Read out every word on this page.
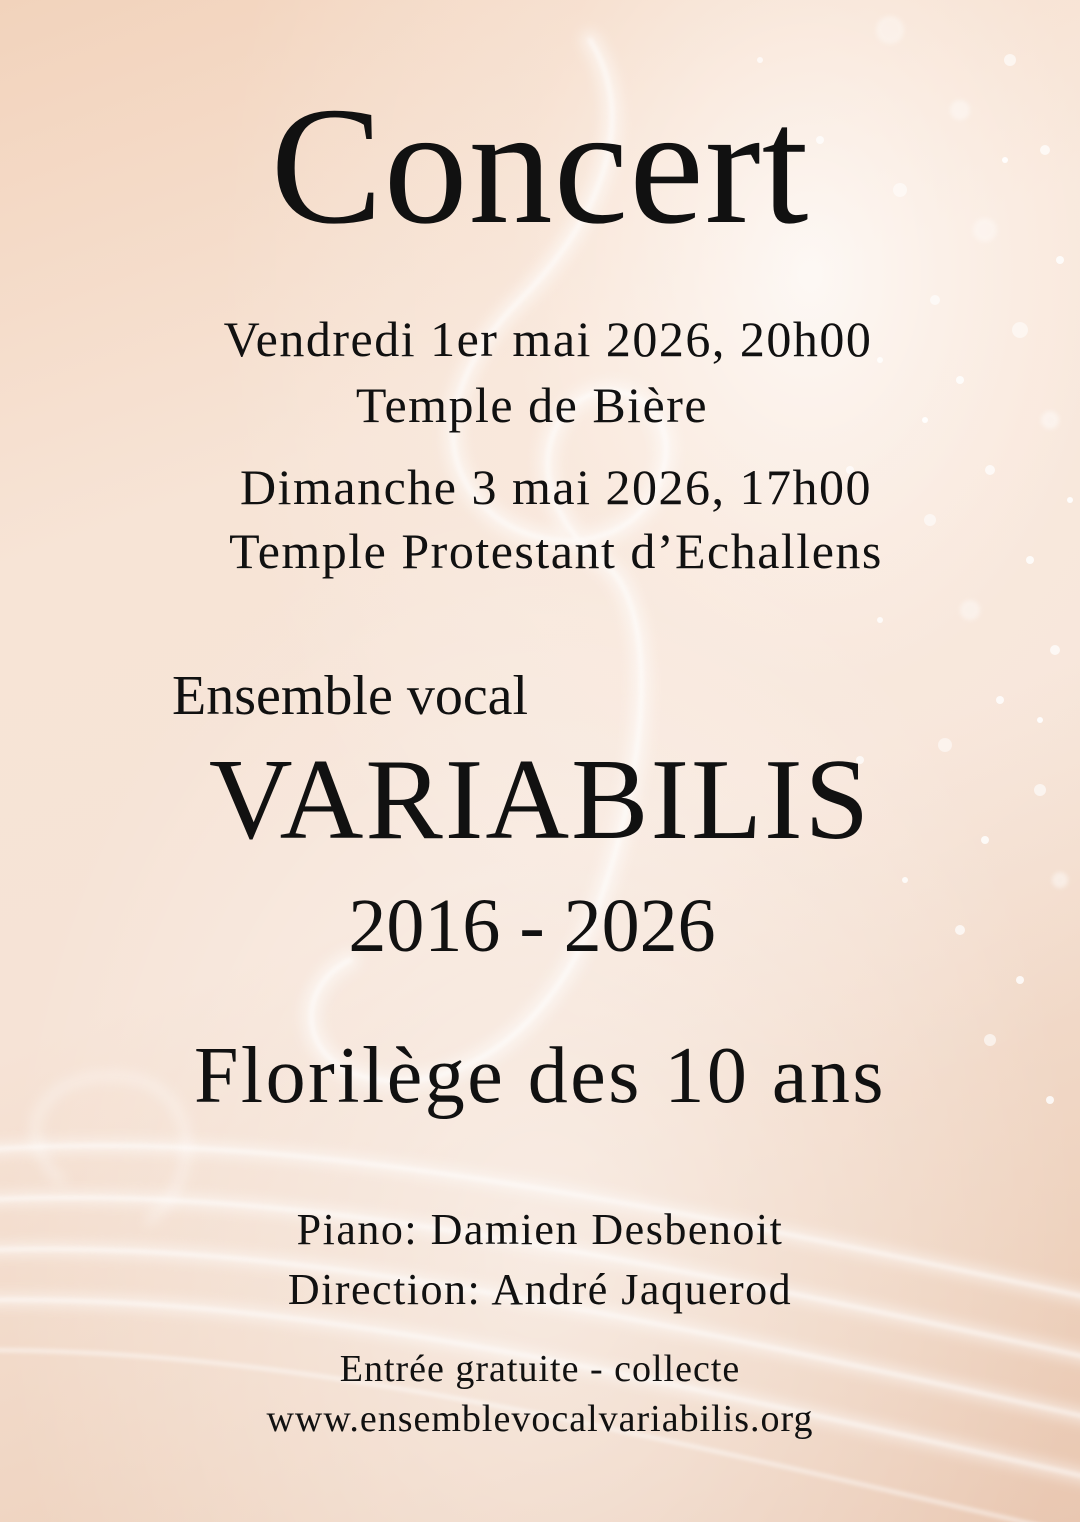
Concert
Vendredi 1er mai 2026, 20h00
Temple de Bière
Dimanche 3 mai 2026, 17h00
Temple Protestant d’Echallens
Ensemble vocal
VARIABILIS
2016 - 2026
Florilège des 10 ans
Piano: Damien Desbenoit
Direction: André Jaquerod
Entrée gratuite - collecte
www.ensemblevocalvariabilis.org
